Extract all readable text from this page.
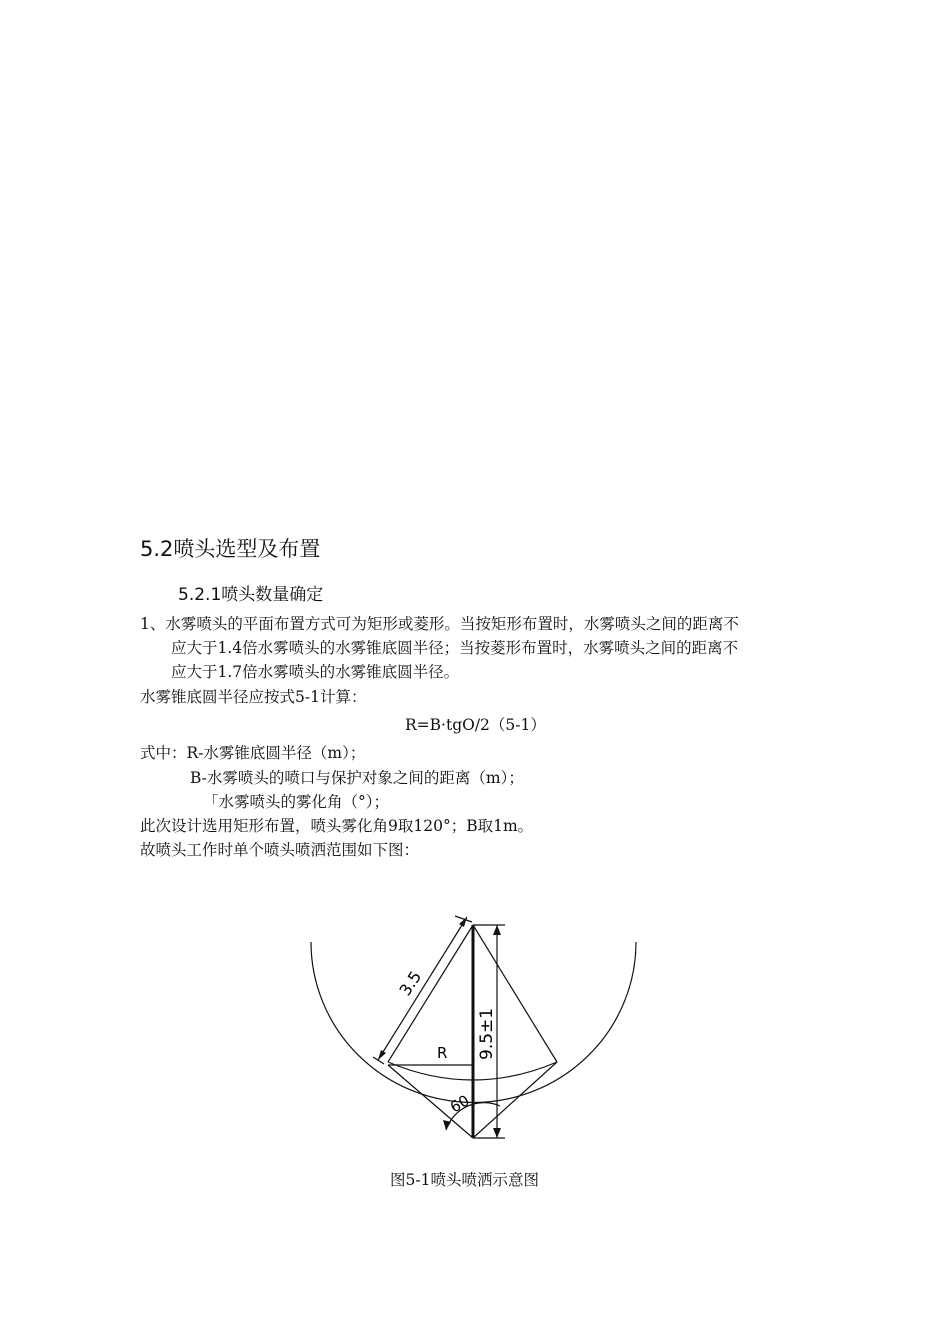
5.2喷头选型及布置
5.2.1喷头数量确定
1、水雾喷头的平面布置方式可为矩形或菱形。当按矩形布置时，水雾喷头之间的距离不
应大于1.4倍水雾喷头的水雾锥底圆半径；当按菱形布置时，水雾喷头之间的距离不
应大于1.7倍水雾喷头的水雾锥底圆半径。
水雾锥底圆半径应按式5-1计算：
R=B·tgO/2（5-1）
式中：R-水雾锥底圆半径（m）；
B-水雾喷头的喷口与保护对象之间的距离（m）；
「水雾喷头的雾化角（°）；
此次设计选用矩形布置，喷头雾化角9取120°；B取1m。
故喷头工作时单个喷头喷洒范围如下图：
3.5
R 9.5±1
60
图5-1喷头喷洒示意图
